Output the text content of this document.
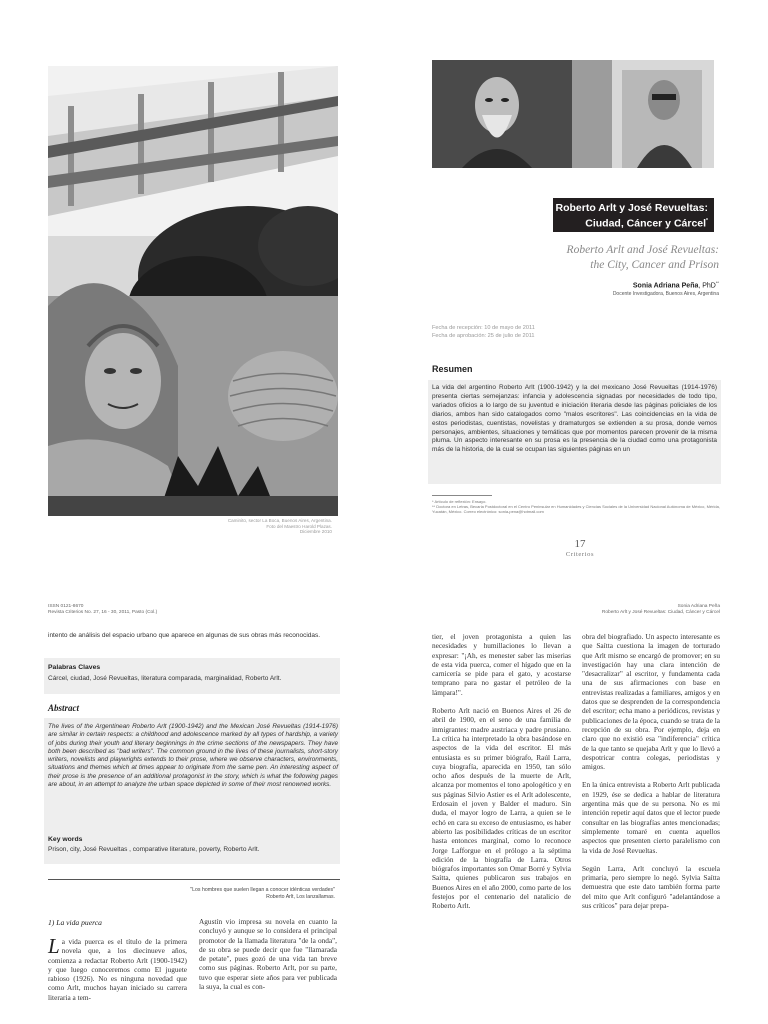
Caminito, sector La Boca, Buenos Aires, Argentina.
Foto del Maestro Harold Plazas.
Diciembre 2010
Roberto Arlt y José Revueltas:
Ciudad, Cáncer y Cárcel*
Roberto Arlt and José Revueltas:
the City, Cancer and Prison
Sonia Adriana Peña, PhD**
Docente Investigadora, Buenos Aires, Argentina
Fecha de recepción: 10 de mayo de 2011
Fecha de aprobación: 25 de julio de 2011
Resumen
La vida del argentino Roberto Arlt (1900-1942) y la del mexicano José Revueltas (1914-1976) presenta ciertas semejanzas: infancia y adolescencia signadas por necesidades de todo tipo, variados oficios a lo largo de su juventud e iniciación literaria desde las páginas policiales de los diarios, ambos han sido catalogados como "malos escritores". Las coincidencias en la vida de estos periodistas, cuentistas, novelistas y dramaturgos se extienden a su prosa, donde vemos personajes, ambientes, situaciones y temáticas que por momentos parecen provenir de la misma pluma. Un aspecto interesante en su prosa es la presencia de la ciudad como una protagonista más de la historia, de la cual se ocupan las siguientes páginas en un
* Artículo de reflexión: Ensayo.
** Doctora en Letras, Becaria Postdoctoral en el Centro Peninsular en Humanidades y Ciencias Sociales de la Universidad Nacional Autónoma de México, Mérida, Yucatán, México. Correo electrónico: sonia-pena@hotmail.com
17
Criterios
ISSN 0121-8670
Revista Criterios No. 27, 16 - 30, 2011, Pasto (Col.)
Sonia Adriana Peña
Roberto Arlt y José Revueltas: Ciudad, Cáncer y Cárcel
intento de análisis del espacio urbano que aparece en algunas de sus obras más reconocidas.
Palabras Claves
Cárcel, ciudad, José Revueltas, literatura comparada, marginalidad, Roberto Arlt.
Abstract
The lives of the Argentinean Roberto Arlt (1900-1942) and the Mexican José Revueltas (1914-1976) are similar in certain respects: a childhood and adolescence marked by all types of hardship, a variety of jobs during their youth and literary beginnings in the crime sections of the newspapers. They have both been described as "bad writers". The common ground in the lives of these journalists, short-story writers, novelists and playwrights extends to their prose, where we observe characters, environments, situations and themes which at times appear to originate from the same pen. An interesting aspect of their prose is the presence of an additional protagonist in the story, which is what the following pages are about, in an attempt to analyze the urban space depicted in some of their most renowned works.
Key words
Prison, city, José Revueltas , comparative literature, poverty, Roberto Arlt.
"Los hombres que suelen llegan a conocer idénticas verdades"
Roberto Arlt, Los lanzallamas.
1) La vida puerca
La vida puerca es el título de la primera novela que, a los diecinueve años, comienza a redactar Roberto Arlt (1900-1942) y que luego conoceremos como El juguete rabioso (1926). No es ninguna novedad que como Arlt, muchos hayan iniciado su carrera literaria a tem-
Agustín vio impresa su novela en cuanto la concluyó y aunque se lo considera el principal promotor de la llamada literatura "de la onda", de su obra se puede decir que fue "llamarada de petate", pues gozó de una vida tan breve como sus páginas. Roberto Arlt, por su parte, tuvo que esperar siete años para ver publicada la suya, la cual es con-

tier, el joven protagonista a quien las necesidades y humillaciones lo llevan a expresar: "¡Ah, es menester saber las miserias de esta vida puerca, comer el hígado que en la carnicería se pide para el gato, y acostarse temprano para no gastar el petróleo de la lámpara!".

Roberto Arlt nació en Buenos Aires el 26 de abril de 1900, en el seno de una familia de inmigrantes: madre austriaca y padre prusiano. La crítica ha interpretado la obra basándose en aspectos de la vida del escritor. El más entusiasta es su primer biógrafo, Raúl Larra, cuya biografía, aparecida en 1950, tan sólo ocho años después de la muerte de Arlt, alcanza por momentos el tono apologético y en sus páginas Silvio Astier es el Arlt adolescente, Erdosain el joven y Balder el maduro. Sin duda, el mayor logro de Larra, a quien se le echó en cara su exceso de entusiasmo, es haber abierto las posibilidades críticas de un escritor hasta entonces marginal, como lo reconoce Jorge Lafforgue en el prólogo a la séptima edición de la biografía de Larra. Otros biógrafos importantes son Omar Borré y Sylvia Saítta, quienes publicaron sus trabajos en Buenos Aires en el año 2000, como parte de los festejos por el centenario del natalicio de Roberto Arlt.

obra del biografiado. Un aspecto interesante es que Saítta cuestiona la imagen de torturado que Arlt mismo se encargó de promover; en su investigación hay una clara intención de "desacralizar" al escritor, y fundamenta cada una de sus afirmaciones con base en entrevistas realizadas a familiares, amigos y en datos que se desprenden de la correspondencia del escritor; echa mano a periódicos, revistas y publicaciones de la época, cuando se trata de la recepción de su obra. Por ejemplo, deja en claro que no existió esa "indiferencia" crítica de la que tanto se quejaba Arlt y que lo llevó a despotricar contra colegas, periodistas y amigos.

En la única entrevista a Roberto Arlt publicada en 1929, ése se dedica a hablar de literatura argentina más que de su persona. No es mi intención repetir aquí datos que el lector puede consultar en las biografías antes mencionadas; simplemente tomaré en cuenta aquellos aspectos que presenten cierto paralelismo con la vida de José Revueltas.

Según Larra, Arlt concluyó la escuela primaria, pero siempre lo negó. Sylvia Saítta demuestra que este dato también forma parte del mito que Arlt configuró "adelantándose a sus críticos" para dejar prepa-
